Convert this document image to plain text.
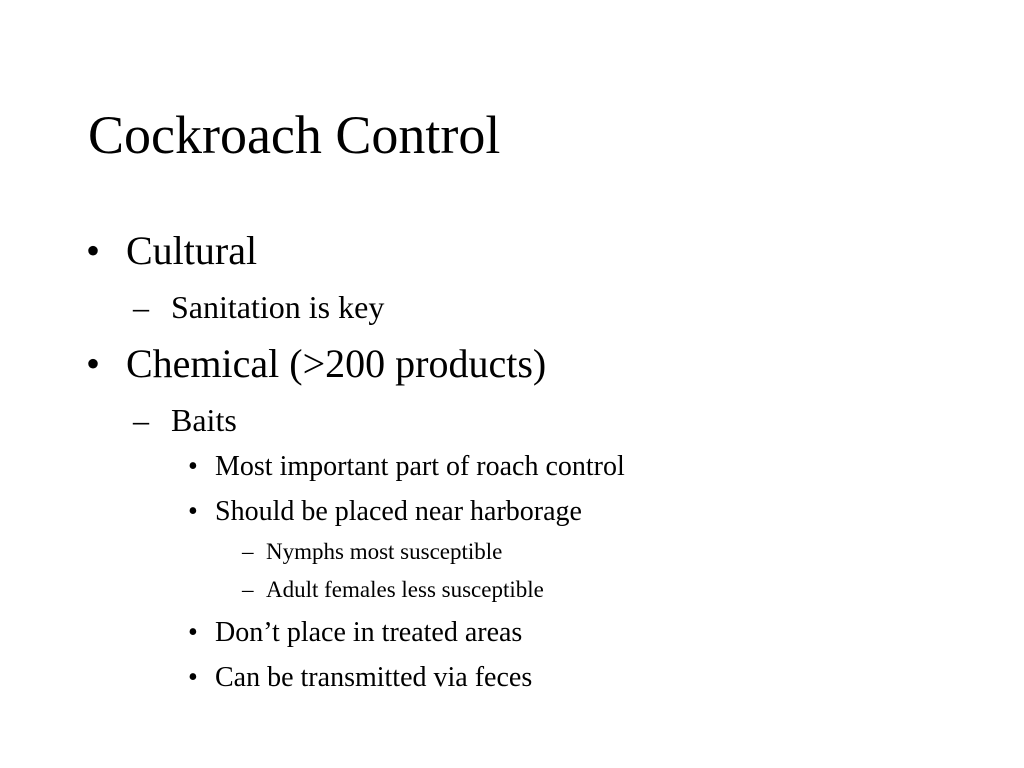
Cockroach Control
• Cultural
– Sanitation is key
• Chemical (>200 products)
– Baits
• Most important part of roach control
• Should be placed near harborage
– Nymphs most susceptible
– Adult females less susceptible
• Don’t place in treated areas
• Can be transmitted via feces
